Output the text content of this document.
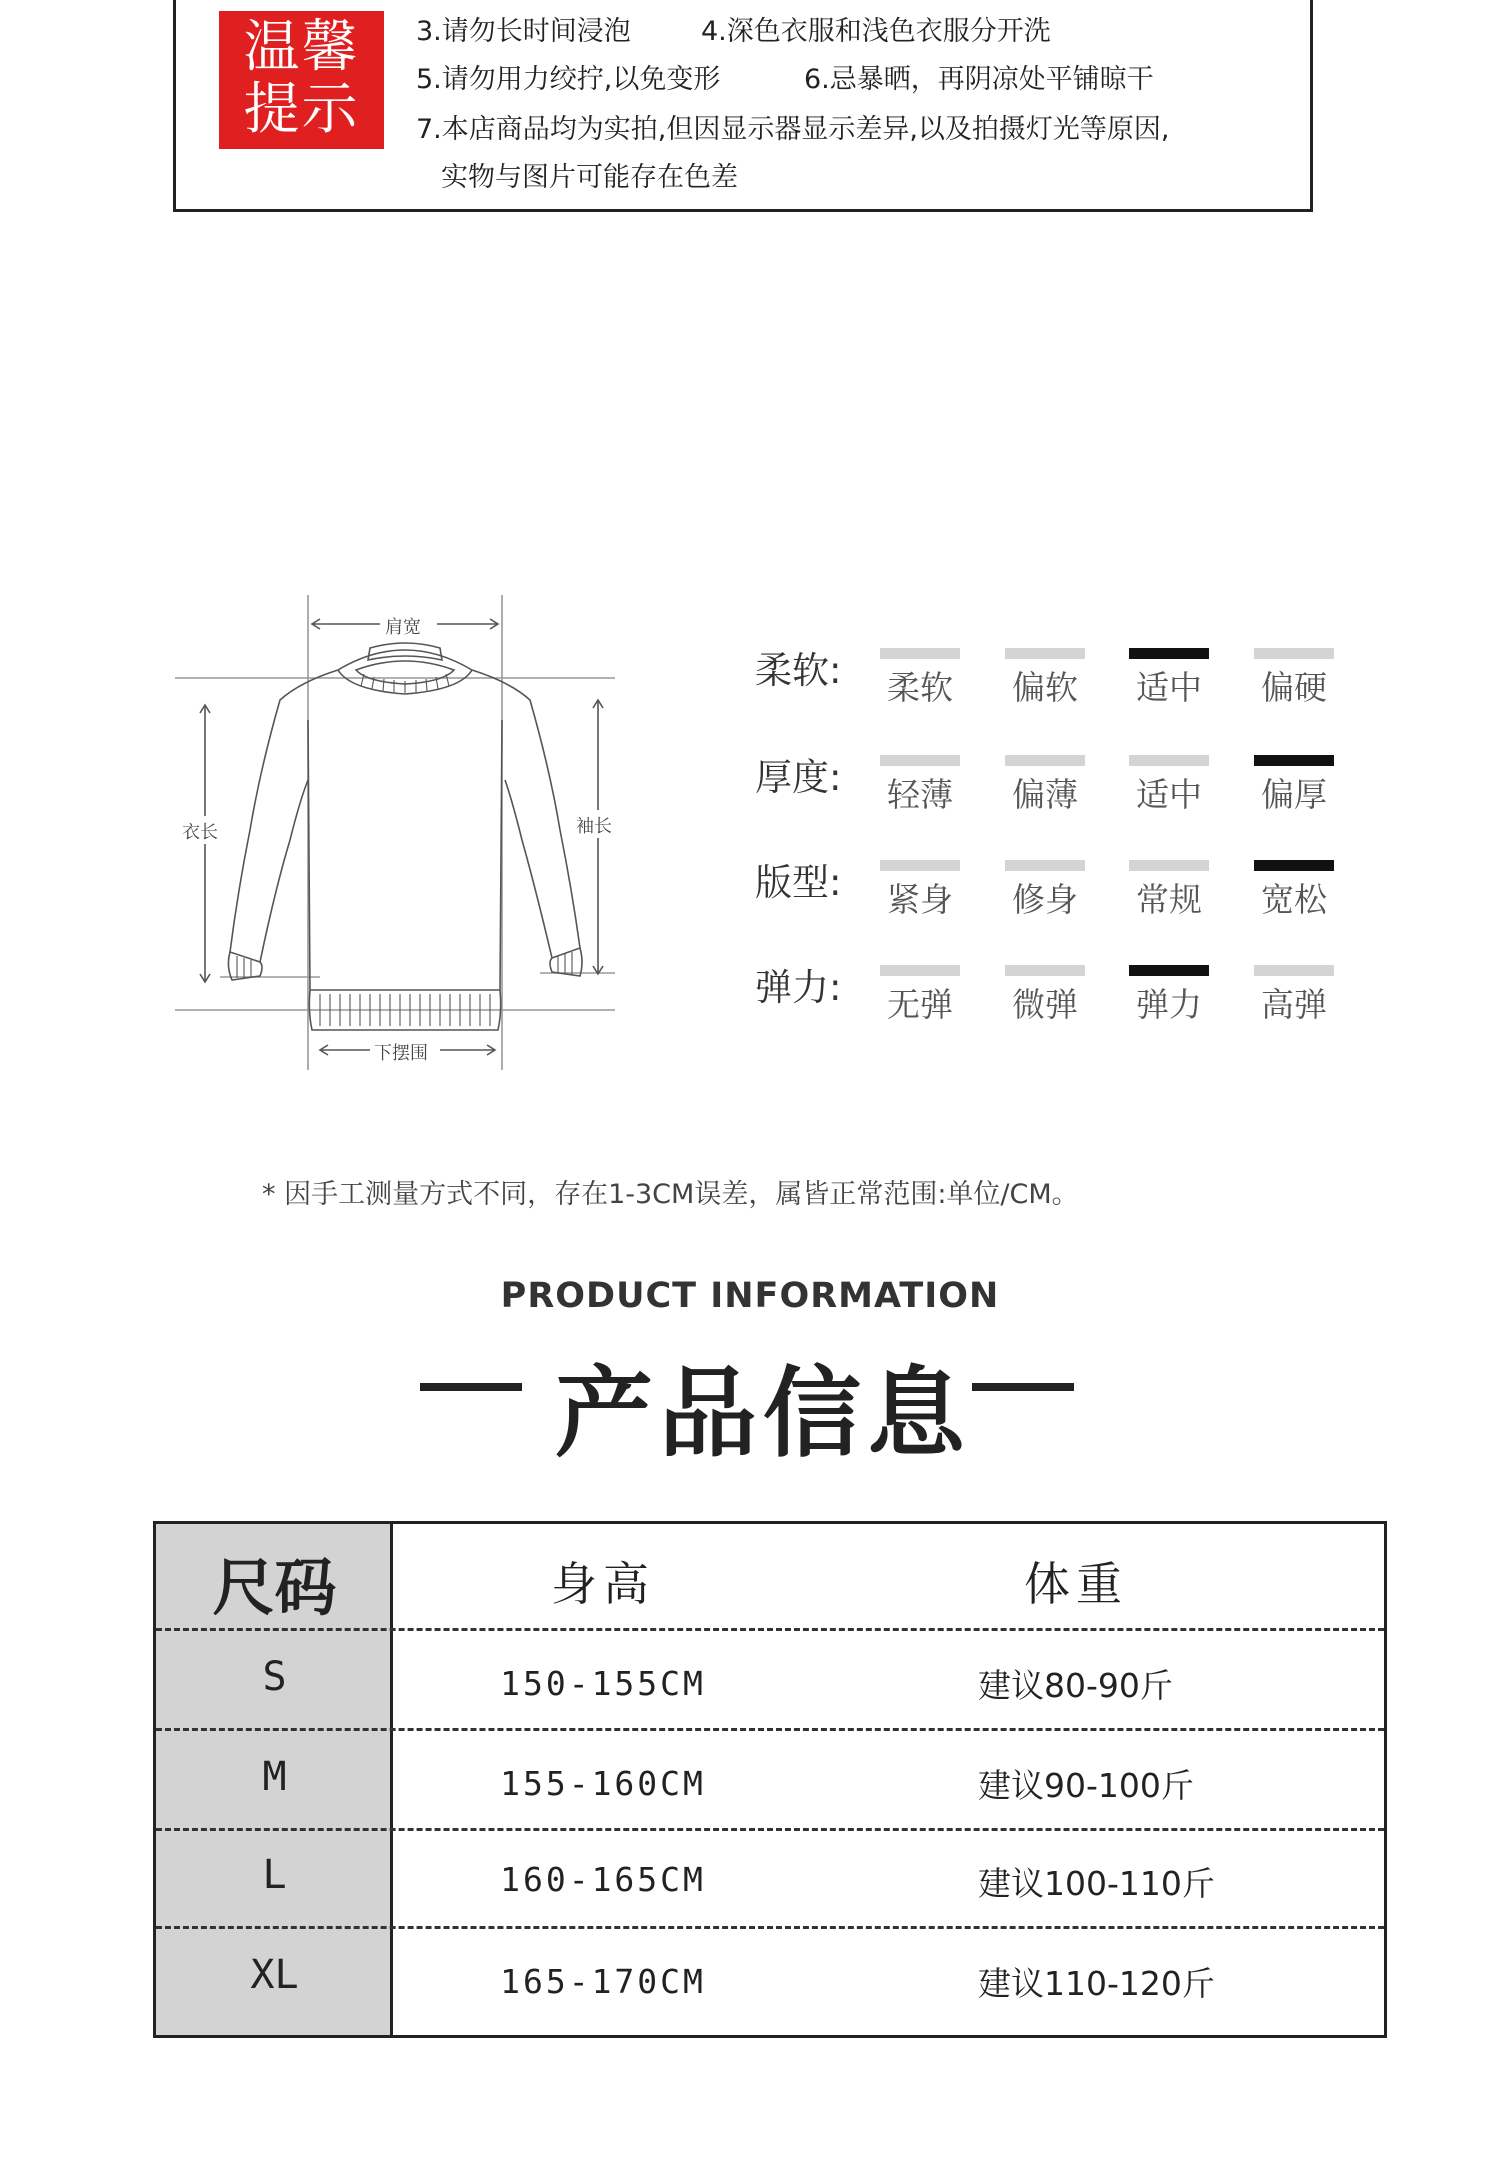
温馨
提示
3.请勿长时间浸泡	4.深色衣服和浅色衣服分开洗
5.请勿用力绞拧,以免变形	6.忌暴晒，再阴凉处平铺晾干
7.本店商品均为实拍,但因显示器显示差异,以及拍摄灯光等原因,
实物与图片可能存在色差
肩宽
衣长	袖长
下摆围
柔软: 柔软 偏软 适中 偏硬
厚度: 轻薄 偏薄 适中 偏厚
版型: 紧身 修身 常规 宽松
弹力: 无弹 微弹 弹力 高弹
* 因手工测量方式不同，存在1-3CM误差，属皆正常范围:单位/CM。
PRODUCT INFORMATION
产品信息
尺码	身高	体重
S	150-155CM	建议80-90斤
M	155-160CM	建议90-100斤
L	160-165CM	建议100-110斤
XL	165-170CM	建议110-120斤
